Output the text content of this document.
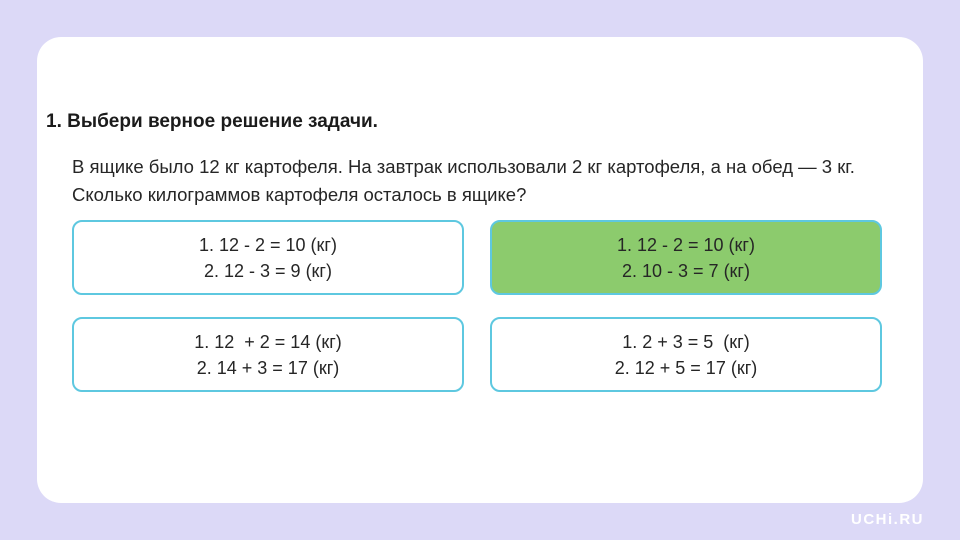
1. Выбери верное решение задачи.

В ящике было 12 кг картофеля. На завтрак использовали 2 кг картофеля, а на обед — 3 кг. Сколько килограммов картофеля осталось в ящике?

1. 12 - 2 = 10 (кг)
2. 12 - 3 = 9 (кг)
1. 12 - 2 = 10 (кг)
2. 10 - 3 = 7 (кг)
1. 12  + 2 = 14 (кг)
2. 14 + 3 = 17 (кг)
1. 2 + 3 = 5  (кг)
2. 12 + 5 = 17 (кг)
UCHi.RU
